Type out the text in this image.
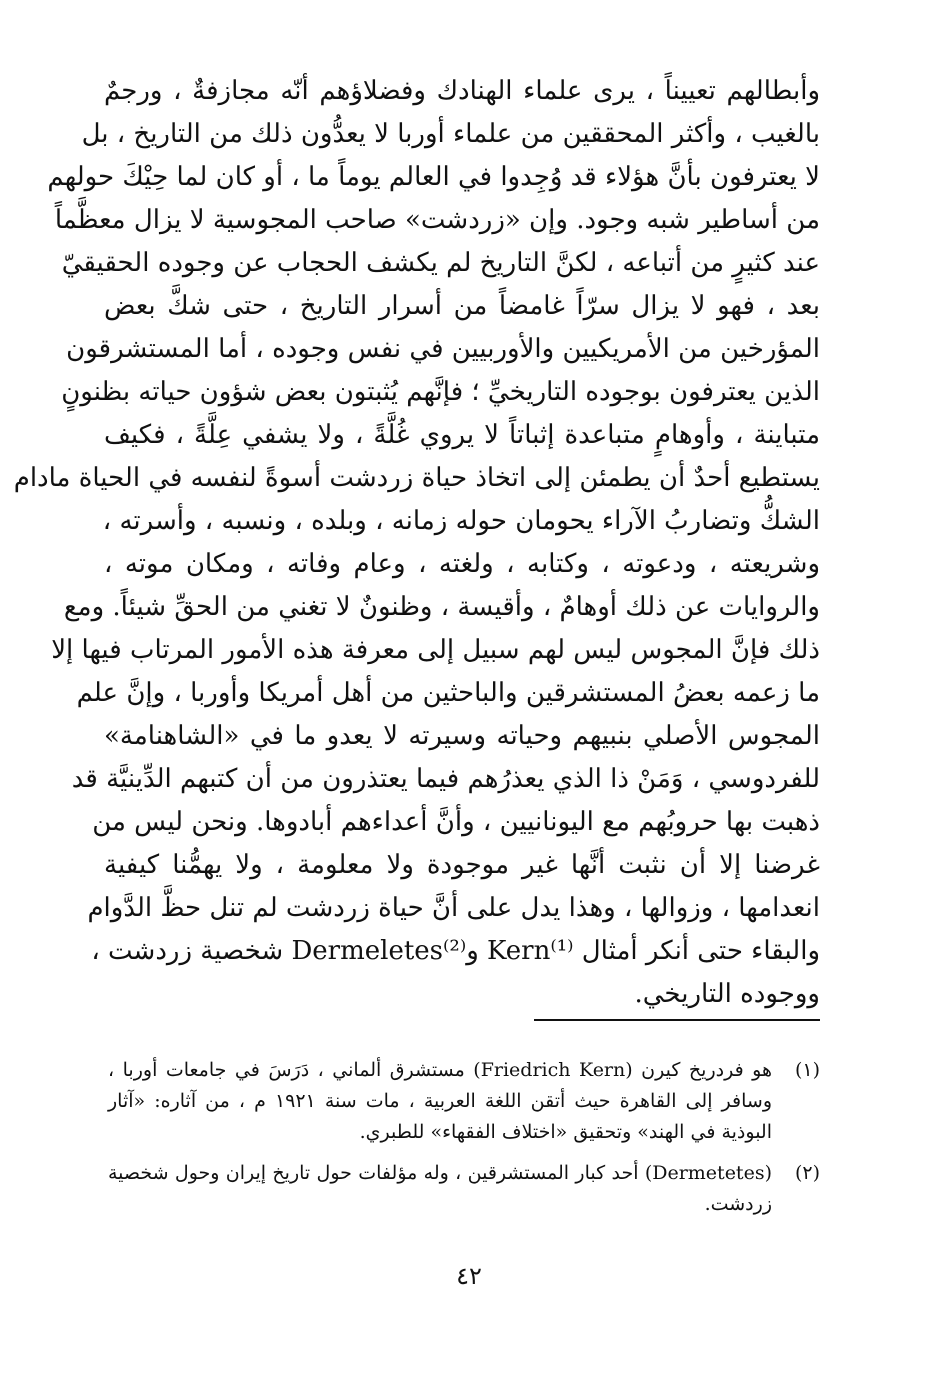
وأبطالهم تعييناً ، يرى علماء الهنادك وفضلاؤهم أنّه مجازفةٌ ، ورجمٌ
بالغيب ، وأكثر المحققين من علماء أوربا لا يعدُّون ذلك من التاريخ ، بل
لا يعترفون بأنَّ هؤلاء قد وُجِدوا في العالم يوماً ما ، أو كان لما حِيْكَ حولهم
من أساطير شبه وجود. وإن «زردشت» صاحب المجوسية لا يزال معظَّماً
عند كثيرٍ من أتباعه ، لكنَّ التاريخ لم يكشف الحجاب عن وجوده الحقيقيّ
بعد ، فهو لا يزال سرّاً غامضاً من أسرار التاريخ ، حتى شكَّ بعض
المؤرخين من الأمريكيين والأوربيين في نفس وجوده ، أما المستشرقون
الذين يعترفون بوجوده التاريخيِّ ؛ فإنَّهم يُثبتون بعض شؤون حياته بظنونٍ
متباينة ، وأوهامٍ متباعدة إثباتاً لا يروي غُلَّةً ، ولا يشفي عِلَّةً ، فكيف
يستطيع أحدٌ أن يطمئن إلى اتخاذ حياة زردشت أسوةً لنفسه في الحياة مادام
الشكُّ وتضاربُ الآراء يحومان حوله زمانه ، وبلده ، ونسبه ، وأسرته ،
وشريعته ، ودعوته ، وكتابه ، ولغته ، وعام وفاته ، ومكان موته ،
والروايات عن ذلك أوهامٌ ، وأقيسة ، وظنونٌ لا تغني من الحقِّ شيئاً. ومع
ذلك فإنَّ المجوس ليس لهم سبيل إلى معرفة هذه الأمور المرتاب فيها إلا
ما زعمه بعضُ المستشرقين والباحثين من أهل أمريكا وأوربا ، وإنَّ علم
المجوس الأصلي بنبيهم وحياته وسيرته لا يعدو ما في «الشاهنامة»
للفردوسي ، وَمَنْ ذا الذي يعذرُهم فيما يعتذرون من أن كتبهم الدِّينيَّة قد
ذهبت بها حروبُهم مع اليونانيين ، وأنَّ أعداءهم أبادوها. ونحن ليس من
غرضنا إلا أن نثبت أنَّها غير موجودة ولا معلومة ، ولا يهمُّنا كيفية
انعدامها ، وزوالها ، وهذا يدل على أنَّ حياة زردشت لم تنل حظَّ الدَّوام
والبقاء حتى أنكر أمثال Kern⁽¹⁾ وDermeletes⁽²⁾ شخصية زردشت ،
ووجوده التاريخي.
(١)
هو فردريخ كيرن (Friedrich Kern) مستشرق ألماني ، دَرَسَ في جامعات أوربا ،
وسافر إلى القاهرة حيث أتقن اللغة العربية ، مات سنة ١٩٢١ م ، من آثاره: «آثار
البوذية في الهند» وتحقيق «اختلاف الفقهاء» للطبري.
(٢)
(Dermetetes) أحد كبار المستشرقين ، وله مؤلفات حول تاريخ إيران وحول شخصية
زردشت.
٤٢
